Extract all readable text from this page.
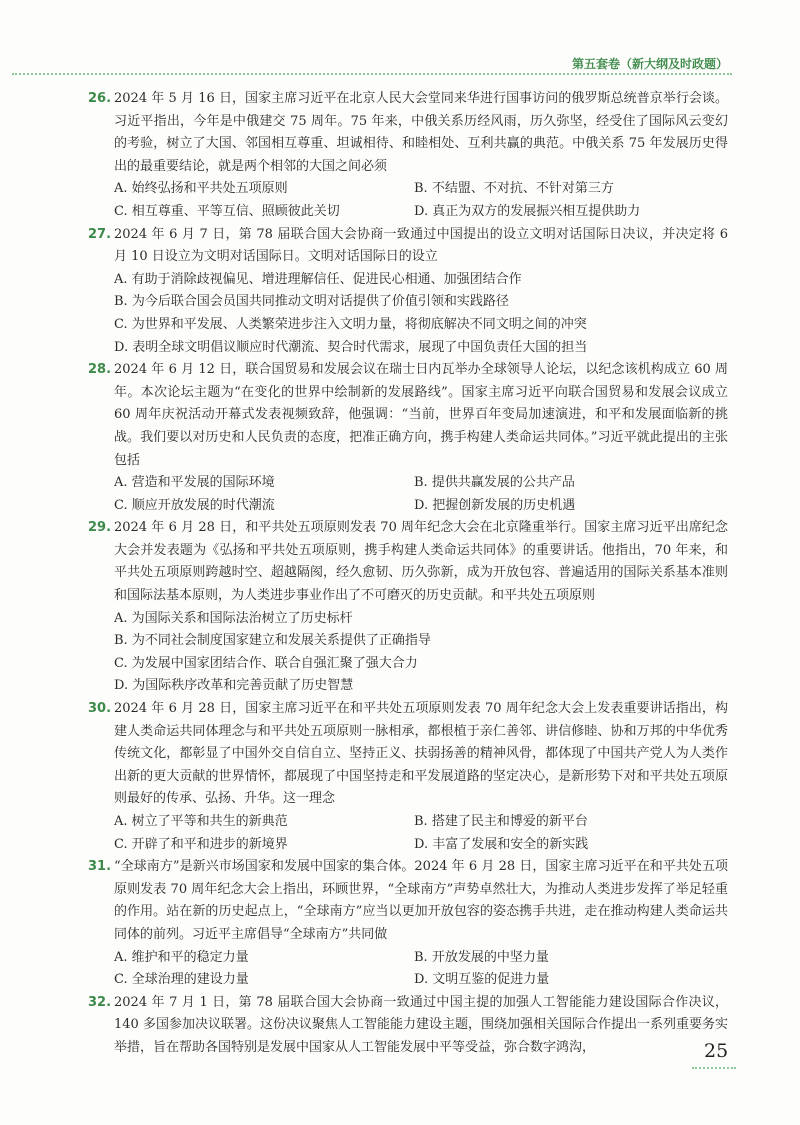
第五套卷（新大纲及时政题）

26. 2024 年 5 月 16 日，国家主席习近平在北京人民大会堂同来华进行国事访问的俄罗斯总统普京举行会谈。习近平指出，今年是中俄建交 75 周年。75 年来，中俄关系历经风雨，历久弥坚，经受住了国际风云变幻的考验，树立了大国、邻国相互尊重、坦诚相待、和睦相处、互利共赢的典范。中俄关系 75 年发展历史得出的最重要结论，就是两个相邻的大国之间必须

A. 始终弘扬和平共处五项原则	B. 不结盟、不对抗、不针对第三方
C. 相互尊重、平等互信、照顾彼此关切	D. 真正为双方的发展振兴相互提供助力

27. 2024 年 6 月 7 日，第 78 届联合国大会协商一致通过中国提出的设立文明对话国际日决议，并决定将 6 月 10 日设立为文明对话国际日。文明对话国际日的设立

A. 有助于消除歧视偏见、增进理解信任、促进民心相通、加强团结合作
B. 为今后联合国会员国共同推动文明对话提供了价值引领和实践路径
C. 为世界和平发展、人类繁荣进步注入文明力量，将彻底解决不同文明之间的冲突
D. 表明全球文明倡议顺应时代潮流、契合时代需求，展现了中国负责任大国的担当

28. 2024 年 6 月 12 日，联合国贸易和发展会议在瑞士日内瓦举办全球领导人论坛，以纪念该机构成立 60 周年。本次论坛主题为“在变化的世界中绘制新的发展路线”。国家主席习近平向联合国贸易和发展会议成立 60 周年庆祝活动开幕式发表视频致辞，他强调：“当前，世界百年变局加速演进，和平和发展面临新的挑战。我们要以对历史和人民负责的态度，把准正确方向，携手构建人类命运共同体。”习近平就此提出的主张包括

A. 营造和平发展的国际环境	B. 提供共赢发展的公共产品
C. 顺应开放发展的时代潮流	D. 把握创新发展的历史机遇

29. 2024 年 6 月 28 日，和平共处五项原则发表 70 周年纪念大会在北京隆重举行。国家主席习近平出席纪念大会并发表题为《弘扬和平共处五项原则，携手构建人类命运共同体》的重要讲话。他指出，70 年来，和平共处五项原则跨越时空、超越隔阂，经久愈韧、历久弥新，成为开放包容、普遍适用的国际关系基本准则和国际法基本原则，为人类进步事业作出了不可磨灭的历史贡献。和平共处五项原则

A. 为国际关系和国际法治树立了历史标杆
B. 为不同社会制度国家建立和发展关系提供了正确指导
C. 为发展中国家团结合作、联合自强汇聚了强大合力
D. 为国际秩序改革和完善贡献了历史智慧

30. 2024 年 6 月 28 日，国家主席习近平在和平共处五项原则发表 70 周年纪念大会上发表重要讲话指出，构建人类命运共同体理念与和平共处五项原则一脉相承，都根植于亲仁善邻、讲信修睦、协和万邦的中华优秀传统文化，都彰显了中国外交自信自立、坚持正义、扶弱扬善的精神风骨，都体现了中国共产党人为人类作出新的更大贡献的世界情怀，都展现了中国坚持走和平发展道路的坚定决心，是新形势下对和平共处五项原则最好的传承、弘扬、升华。这一理念

A. 树立了平等和共生的新典范	B. 搭建了民主和博爱的新平台
C. 开辟了和平和进步的新境界	D. 丰富了发展和安全的新实践

31. “全球南方”是新兴市场国家和发展中国家的集合体。2024 年 6 月 28 日，国家主席习近平在和平共处五项原则发表 70 周年纪念大会上指出，环顾世界，“全球南方”声势卓然壮大，为推动人类进步发挥了举足轻重的作用。站在新的历史起点上，“全球南方”应当以更加开放包容的姿态携手共进，走在推动构建人类命运共同体的前列。习近平主席倡导“全球南方”共同做

A. 维护和平的稳定力量	B. 开放发展的中坚力量
C. 全球治理的建设力量	D. 文明互鉴的促进力量

32. 2024 年 7 月 1 日，第 78 届联合国大会协商一致通过中国主提的加强人工智能能力建设国际合作决议，140 多国参加决议联署。这份决议聚焦人工智能能力建设主题，围绕加强相关国际合作提出一系列重要务实举措，旨在帮助各国特别是发展中国家从人工智能发展中平等受益，弥合数字鸿沟，	25
